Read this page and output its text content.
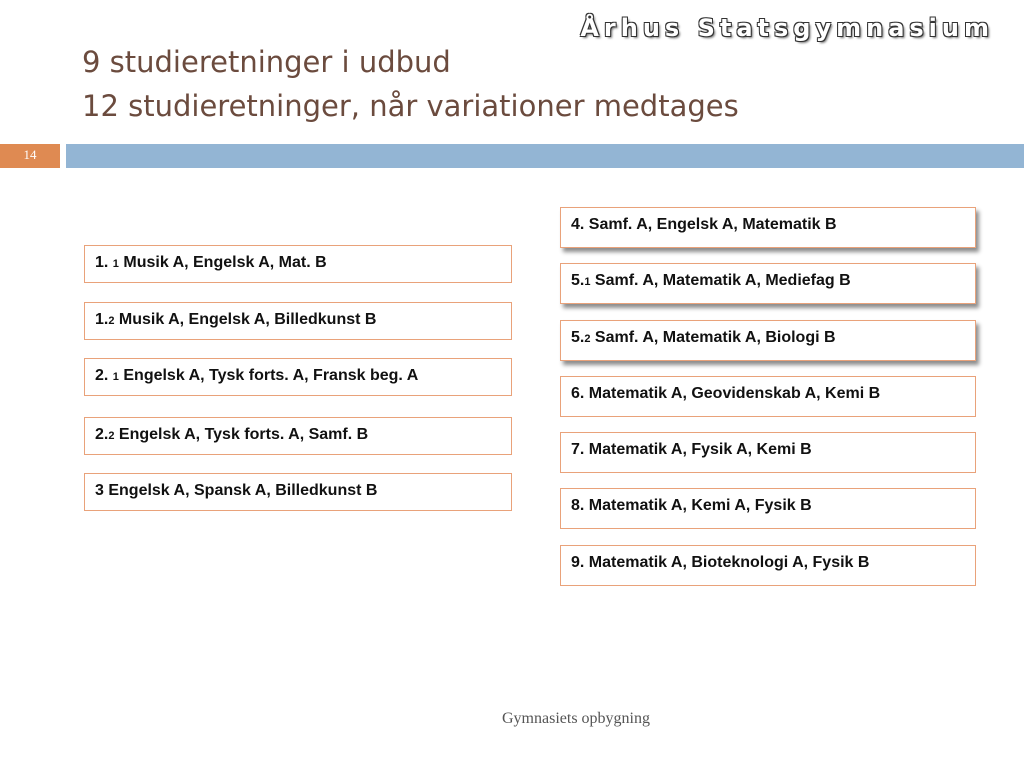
Århus Statsgymnasium
9 studieretninger i udbud
12 studieretninger, når variationer medtages
14
1. 1 Musik A, Engelsk A, Mat. B
1.2 Musik A, Engelsk A, Billedkunst B
2. 1 Engelsk A, Tysk forts. A, Fransk beg. A
2.2 Engelsk A, Tysk forts. A, Samf. B
3 Engelsk A, Spansk A, Billedkunst B
4. Samf. A, Engelsk A, Matematik B
5.1 Samf. A, Matematik A, Mediefag B
5.2 Samf. A, Matematik A, Biologi B
6. Matematik A, Geovidenskab A, Kemi B
7. Matematik A, Fysik A, Kemi B
8. Matematik A, Kemi A, Fysik B
9. Matematik A, Bioteknologi A, Fysik B
Gymnasiets opbygning
